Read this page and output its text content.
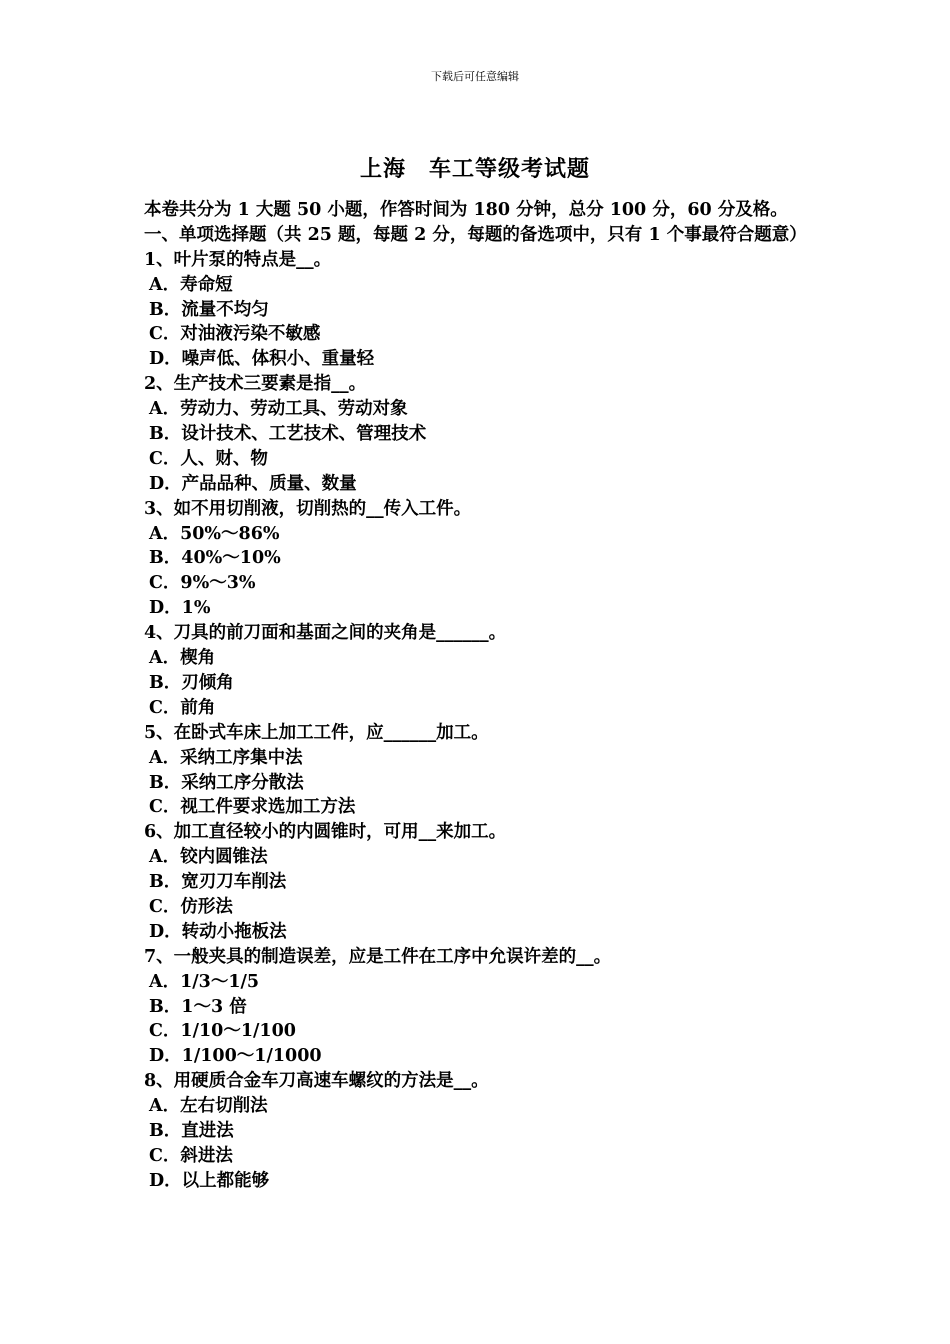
下载后可任意编辑
上海　车工等级考试题
本卷共分为 1 大题 50 小题，作答时间为 180 分钟，总分 100 分，60 分及格。
一、单项选择题（共 25 题，每题 2 分，每题的备选项中，只有 1 个事最符合题意）
1、叶片泵的特点是__。
A．寿命短
B．流量不均匀
C．对油液污染不敏感
D．噪声低、体积小、重量轻
2、生产技术三要素是指__。
A．劳动力、劳动工具、劳动对象
B．设计技术、工艺技术、管理技术
C．人、财、物
D．产品品种、质量、数量
3、如不用切削液，切削热的__传入工件。
A．50%～86%
B．40%～10%
C．9%～3%
D．1%
4、刀具的前刀面和基面之间的夹角是______。
A．楔角
B．刃倾角
C．前角
5、在卧式车床上加工工件，应______加工。
A．采纳工序集中法
B．采纳工序分散法
C．视工件要求选加工方法
6、加工直径较小的内圆锥时，可用__来加工。
A．铰内圆锥法
B．宽刃刀车削法
C．仿形法
D．转动小拖板法
7、一般夹具的制造误差，应是工件在工序中允误许差的__。
A．1/3～1/5
B．1～3 倍
C．1/10～1/100
D．1/100～1/1000
8、用硬质合金车刀高速车螺纹的方法是__。
A．左右切削法
B．直进法
C．斜进法
D．以上都能够
